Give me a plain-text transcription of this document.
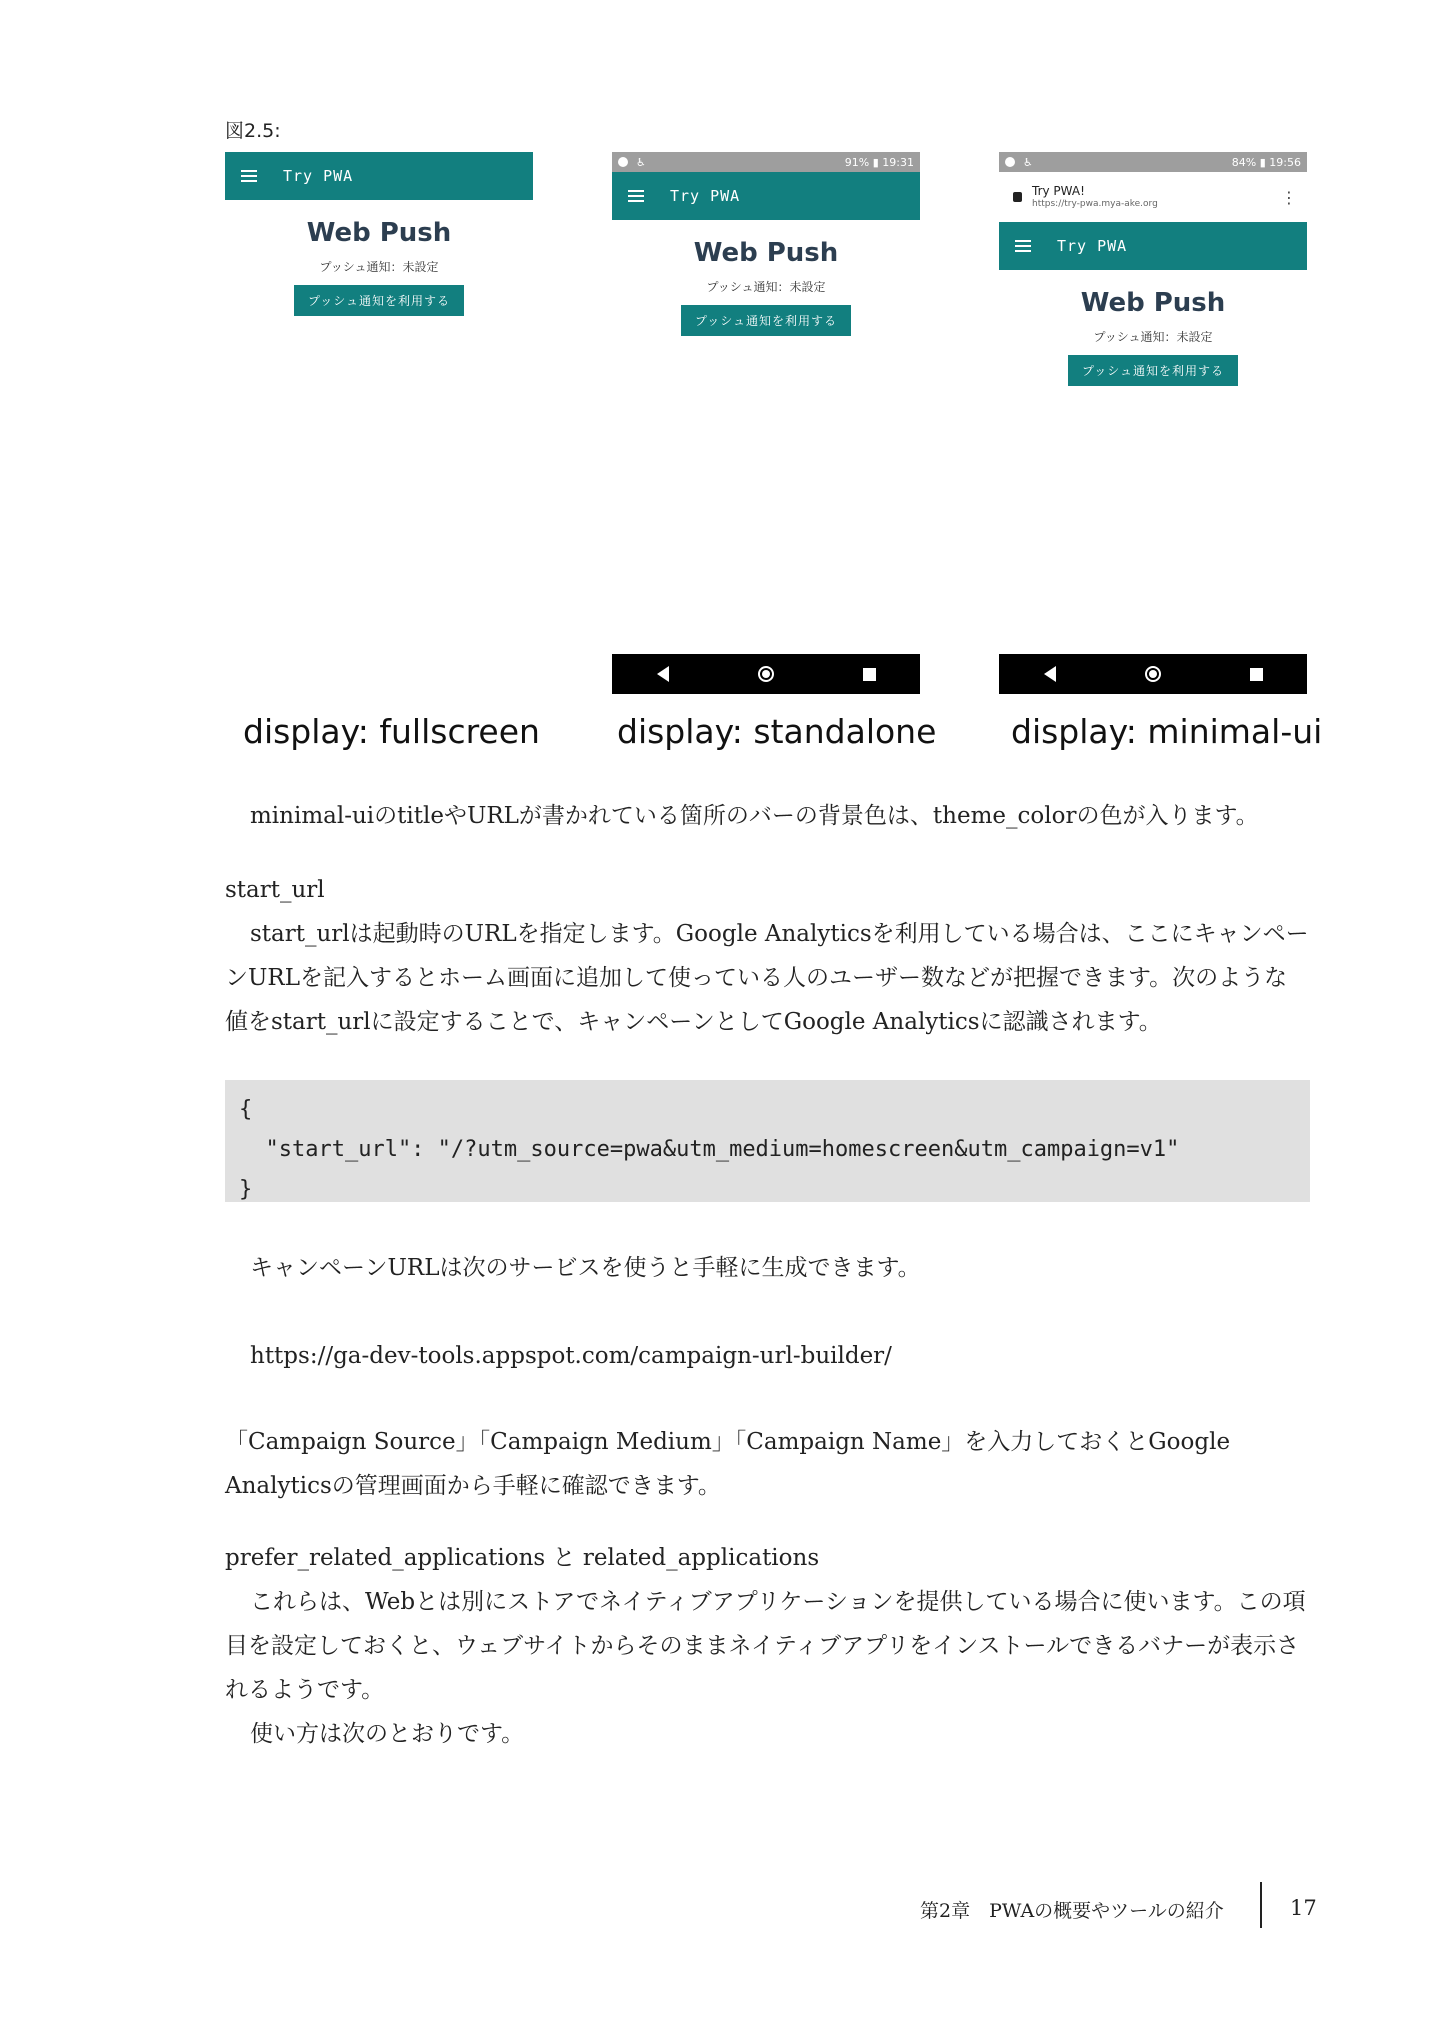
図2.5:
Try PWA
Web Push
プッシュ通知：未設定
プッシュ通知を利用する
♿	91% ▮ 19:31
Try PWA
Web Push
プッシュ通知：未設定
プッシュ通知を利用する
♿	84% ▮ 19:56
Try PWA!
https://try-pwa.mya-ake.org	⋮
Try PWA
Web Push
プッシュ通知：未設定
プッシュ通知を利用する
display: fullscreen display: standalone display: minimal-ui
minimal-uiのtitleやURLが書かれている箇所のバーの背景色は、theme_colorの色が入ります。
start_url
start_urlは起動時のURLを指定します。Google Analyticsを利用している場合は、ここにキャンペーンURLを記入するとホーム画面に追加して使っている人のユーザー数などが把握できます。次のような値をstart_urlに設定することで、キャンペーンとしてGoogle Analyticsに認識されます。
{
"start_url": "/?utm_source=pwa&utm_medium=homescreen&utm_campaign=v1"
}
キャンペーンURLは次のサービスを使うと手軽に生成できます。
https://ga-dev-tools.appspot.com/campaign-url-builder/
「Campaign Source」「Campaign Medium」「Campaign Name」を入力しておくとGoogle Analyticsの管理画面から手軽に確認できます。
prefer_related_applications と related_applications
これらは、Webとは別にストアでネイティブアプリケーションを提供している場合に使います。この項目を設定しておくと、ウェブサイトからそのままネイティブアプリをインストールできるバナーが表示されるようです。
使い方は次のとおりです。
第2章　PWAの概要やツールの紹介	17
